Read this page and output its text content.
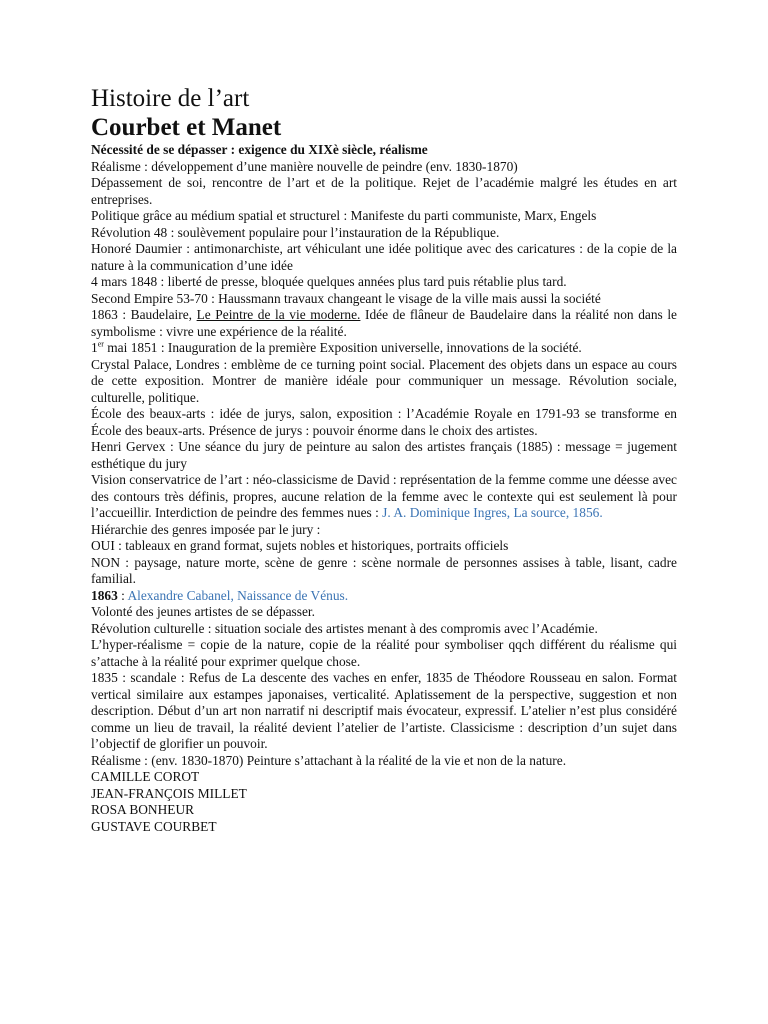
Histoire de l’art
Courbet et Manet

Nécessité de se dépasser : exigence du XIXè siècle, réalisme

Réalisme : développement d’une manière nouvelle de peindre (env. 1830-1870)

Dépassement de soi, rencontre de l’art et de la politique. Rejet de l’académie malgré les études en art entreprises.

Politique grâce au médium spatial et structurel : Manifeste du parti communiste, Marx, Engels

Révolution 48 : soulèvement populaire pour l’instauration de la République.

Honoré Daumier : antimonarchiste, art véhiculant une idée politique avec des caricatures : de la copie de la nature à la communication d’une idée

4 mars 1848 : liberté de presse, bloquée quelques années plus tard puis rétablie plus tard.

Second Empire 53-70 : Haussmann travaux changeant le visage de la ville mais aussi la société

1863 : Baudelaire, Le Peintre de la vie moderne. Idée de flâneur de Baudelaire dans la réalité non dans le symbolisme : vivre une expérience de la réalité.

1er mai 1851 : Inauguration de la première Exposition universelle, innovations de la société.

Crystal Palace, Londres : emblème de ce turning point social. Placement des objets dans un espace au cours de cette exposition. Montrer de manière idéale pour communiquer un message. Révolution sociale, culturelle, politique.

École des beaux-arts : idée de jurys, salon, exposition : l’Académie Royale en 1791-93 se transforme en École des beaux-arts. Présence de jurys : pouvoir énorme dans le choix des artistes.

Henri Gervex : Une séance du jury de peinture au salon des artistes français (1885) : message = jugement esthétique du jury

Vision conservatrice de l’art : néo-classicisme de David : représentation de la femme comme une déesse avec des contours très définis, propres, aucune relation de la femme avec le contexte qui est seulement là pour l’accueillir. Interdiction de peindre des femmes nues : J. A. Dominique Ingres, La source, 1856.

Hiérarchie des genres imposée par le jury :

OUI : tableaux en grand format, sujets nobles et historiques, portraits officiels

NON : paysage, nature morte, scène de genre : scène normale de personnes assises à table, lisant, cadre familial.

1863 : Alexandre Cabanel, Naissance de Vénus.

Volonté des jeunes artistes de se dépasser.

Révolution culturelle : situation sociale des artistes menant à des compromis avec l’Académie.

L’hyper-réalisme = copie de la nature, copie de la réalité pour symboliser qqch différent du réalisme qui s’attache à la réalité pour exprimer quelque chose.

1835 : scandale : Refus de La descente des vaches en enfer, 1835 de Théodore Rousseau en salon. Format vertical similaire aux estampes japonaises, verticalité. Aplatissement de la perspective, suggestion et non description. Début d’un art non narratif ni descriptif mais évocateur, expressif. L’atelier n’est plus considéré comme un lieu de travail, la réalité devient l’atelier de l’artiste. Classicisme : description d’un sujet dans l’objectif de glorifier un pouvoir.

Réalisme : (env. 1830-1870) Peinture s’attachant à la réalité de la vie et non de la nature.

CAMILLE COROT

JEAN-FRANÇOIS MILLET

ROSA BONHEUR

GUSTAVE COURBET
